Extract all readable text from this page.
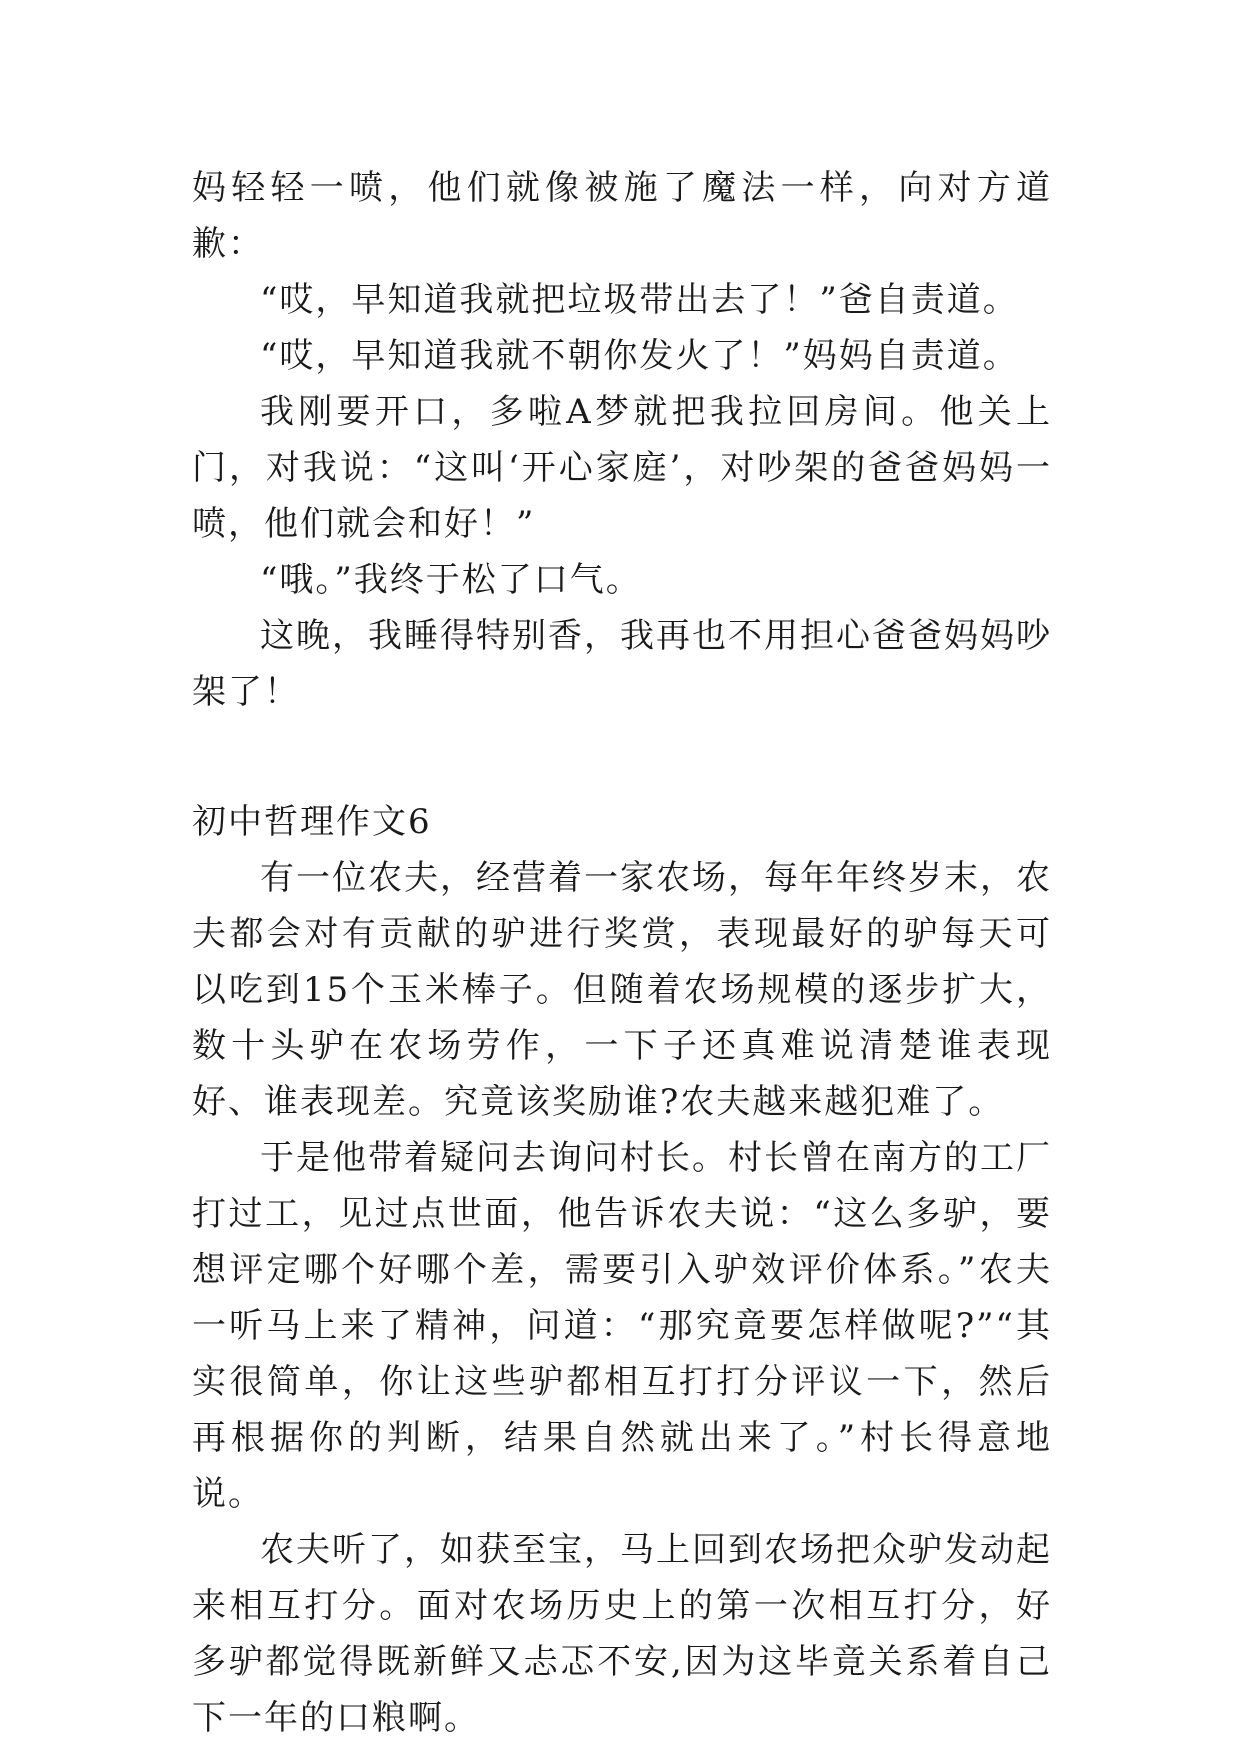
妈轻轻一喷，他们就像被施了魔法一样，向对方道歉：

“哎，早知道我就把垃圾带出去了！”爸自责道。

“哎，早知道我就不朝你发火了！”妈妈自责道。

我刚要开口，多啦A梦就把我拉回房间。他关上门，对我说：“这叫‘开心家庭’，对吵架的爸爸妈妈一喷，他们就会和好！”

“哦。”我终于松了口气。

这晚，我睡得特别香，我再也不用担心爸爸妈妈吵架了！

初中哲理作文6

有一位农夫，经营着一家农场，每年年终岁末，农夫都会对有贡献的驴进行奖赏，表现最好的驴每天可以吃到15个玉米棒子。但随着农场规模的逐步扩大，数十头驴在农场劳作，一下子还真难说清楚谁表现好、谁表现差。究竟该奖励谁?农夫越来越犯难了。

于是他带着疑问去询问村长。村长曾在南方的工厂打过工，见过点世面，他告诉农夫说：“这么多驴，要想评定哪个好哪个差，需要引入驴效评价体系。”农夫一听马上来了精神，问道：“那究竟要怎样做呢?”“其实很简单，你让这些驴都相互打打分评议一下，然后再根据你的判断，结果自然就出来了。”村长得意地说。

农夫听了，如获至宝，马上回到农场把众驴发动起来相互打分。面对农场历史上的第一次相互打分，好多驴都觉得既新鲜又忐忑不安,因为这毕竟关系着自己下一年的口粮啊。
